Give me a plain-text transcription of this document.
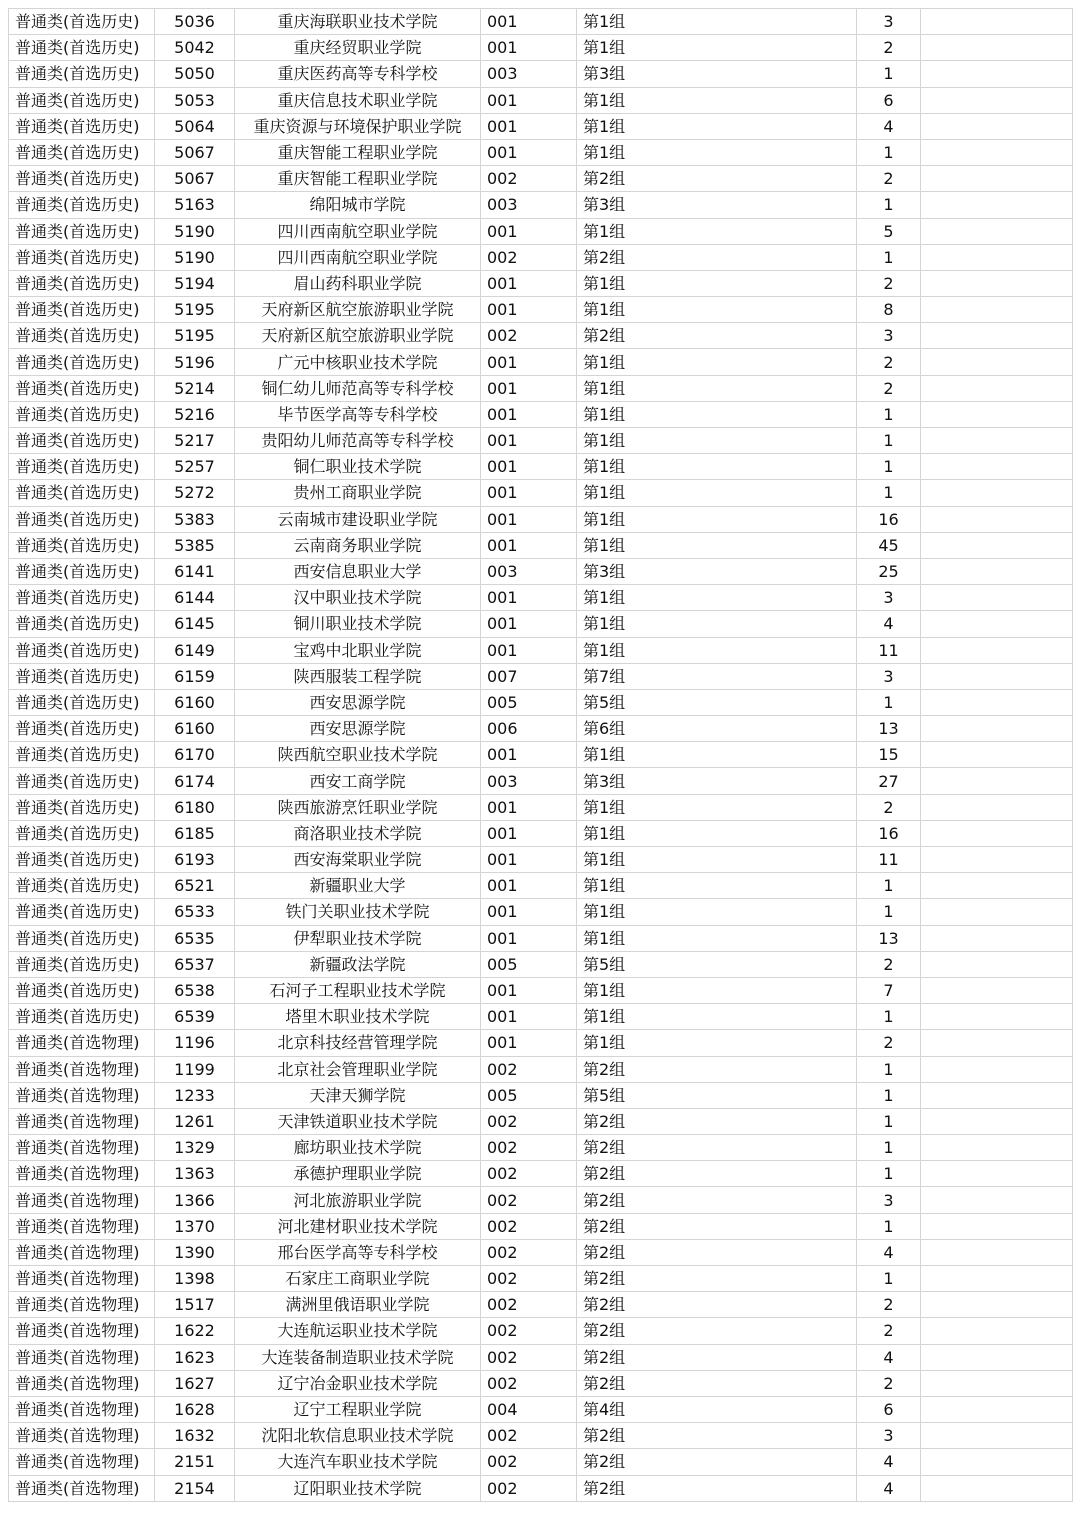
普通类(首选历史)	5036	重庆海联职业技术学院	001	第1组	3	
普通类(首选历史)	5042	重庆经贸职业学院	001	第1组	2	
普通类(首选历史)	5050	重庆医药高等专科学校	003	第3组	1	
普通类(首选历史)	5053	重庆信息技术职业学院	001	第1组	6	
普通类(首选历史)	5064	重庆资源与环境保护职业学院	001	第1组	4	
普通类(首选历史)	5067	重庆智能工程职业学院	001	第1组	1	
普通类(首选历史)	5067	重庆智能工程职业学院	002	第2组	2	
普通类(首选历史)	5163	绵阳城市学院	003	第3组	1	
普通类(首选历史)	5190	四川西南航空职业学院	001	第1组	5	
普通类(首选历史)	5190	四川西南航空职业学院	002	第2组	1	
普通类(首选历史)	5194	眉山药科职业学院	001	第1组	2	
普通类(首选历史)	5195	天府新区航空旅游职业学院	001	第1组	8	
普通类(首选历史)	5195	天府新区航空旅游职业学院	002	第2组	3	
普通类(首选历史)	5196	广元中核职业技术学院	001	第1组	2	
普通类(首选历史)	5214	铜仁幼儿师范高等专科学校	001	第1组	2	
普通类(首选历史)	5216	毕节医学高等专科学校	001	第1组	1	
普通类(首选历史)	5217	贵阳幼儿师范高等专科学校	001	第1组	1	
普通类(首选历史)	5257	铜仁职业技术学院	001	第1组	1	
普通类(首选历史)	5272	贵州工商职业学院	001	第1组	1	
普通类(首选历史)	5383	云南城市建设职业学院	001	第1组	16	
普通类(首选历史)	5385	云南商务职业学院	001	第1组	45	
普通类(首选历史)	6141	西安信息职业大学	003	第3组	25	
普通类(首选历史)	6144	汉中职业技术学院	001	第1组	3	
普通类(首选历史)	6145	铜川职业技术学院	001	第1组	4	
普通类(首选历史)	6149	宝鸡中北职业学院	001	第1组	11	
普通类(首选历史)	6159	陕西服装工程学院	007	第7组	3	
普通类(首选历史)	6160	西安思源学院	005	第5组	1	
普通类(首选历史)	6160	西安思源学院	006	第6组	13	
普通类(首选历史)	6170	陕西航空职业技术学院	001	第1组	15	
普通类(首选历史)	6174	西安工商学院	003	第3组	27	
普通类(首选历史)	6180	陕西旅游烹饪职业学院	001	第1组	2	
普通类(首选历史)	6185	商洛职业技术学院	001	第1组	16	
普通类(首选历史)	6193	西安海棠职业学院	001	第1组	11	
普通类(首选历史)	6521	新疆职业大学	001	第1组	1	
普通类(首选历史)	6533	铁门关职业技术学院	001	第1组	1	
普通类(首选历史)	6535	伊犁职业技术学院	001	第1组	13	
普通类(首选历史)	6537	新疆政法学院	005	第5组	2	
普通类(首选历史)	6538	石河子工程职业技术学院	001	第1组	7	
普通类(首选历史)	6539	塔里木职业技术学院	001	第1组	1	
普通类(首选物理)	1196	北京科技经营管理学院	001	第1组	2	
普通类(首选物理)	1199	北京社会管理职业学院	002	第2组	1	
普通类(首选物理)	1233	天津天狮学院	005	第5组	1	
普通类(首选物理)	1261	天津铁道职业技术学院	002	第2组	1	
普通类(首选物理)	1329	廊坊职业技术学院	002	第2组	1	
普通类(首选物理)	1363	承德护理职业学院	002	第2组	1	
普通类(首选物理)	1366	河北旅游职业学院	002	第2组	3	
普通类(首选物理)	1370	河北建材职业技术学院	002	第2组	1	
普通类(首选物理)	1390	邢台医学高等专科学校	002	第2组	4	
普通类(首选物理)	1398	石家庄工商职业学院	002	第2组	1	
普通类(首选物理)	1517	满洲里俄语职业学院	002	第2组	2	
普通类(首选物理)	1622	大连航运职业技术学院	002	第2组	2	
普通类(首选物理)	1623	大连装备制造职业技术学院	002	第2组	4	
普通类(首选物理)	1627	辽宁冶金职业技术学院	002	第2组	2	
普通类(首选物理)	1628	辽宁工程职业学院	004	第4组	6	
普通类(首选物理)	1632	沈阳北软信息职业技术学院	002	第2组	3	
普通类(首选物理)	2151	大连汽车职业技术学院	002	第2组	4	
普通类(首选物理)	2154	辽阳职业技术学院	002	第2组	4	
